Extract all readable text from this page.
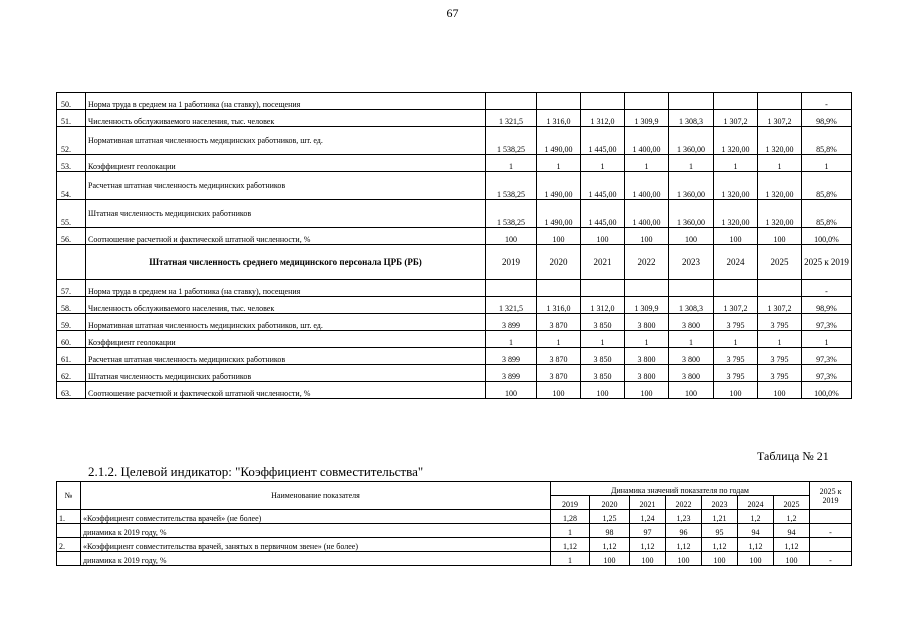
67
50.	Норма труда в среднем на 1 работника (на ставку), посещения								-
51.	Численность обслуживаемого населения, тыс. человек	1 321,5	1 316,0	1 312,0	1 309,9	1 308,3	1 307,2	1 307,2	98,9%
52.	Нормативная штатная численность медицинских работников, шт. ед.	1 538,25	1 490,00	1 445,00	1 400,00	1 360,00	1 320,00	1 320,00	85,8%
53.	Коэффициент геолокации	1	1	1	1	1	1	1	1
54.	Расчетная штатная численность медицинских работников	1 538,25	1 490,00	1 445,00	1 400,00	1 360,00	1 320,00	1 320,00	85,8%
55.	Штатная численность медицинских работников	1 538,25	1 490,00	1 445,00	1 400,00	1 360,00	1 320,00	1 320,00	85,8%
56.	Соотношение расчетной и фактической штатной численности, %	100	100	100	100	100	100	100	100,0%
	Штатная численность среднего медицинского персонала ЦРБ (РБ)	2019	2020	2021	2022	2023	2024	2025	2025 к 2019
57.	Норма труда в среднем на 1 работника (на ставку), посещения								-
58.	Численность обслуживаемого населения, тыс. человек	1 321,5	1 316,0	1 312,0	1 309,9	1 308,3	1 307,2	1 307,2	98,9%
59.	Нормативная штатная численность медицинских работников, шт. ед.	3 899	3 870	3 850	3 800	3 800	3 795	3 795	97,3%
60.	Коэффициент геолокации	1	1	1	1	1	1	1	1
61.	Расчетная штатная численность медицинских работников	3 899	3 870	3 850	3 800	3 800	3 795	3 795	97,3%
62.	Штатная численность медицинских работников	3 899	3 870	3 850	3 800	3 800	3 795	3 795	97,3%
63.	Соотношение расчетной и фактической штатной численности, %	100	100	100	100	100	100	100	100,0%
Таблица № 21
2.1.2. Целевой индикатор: "Коэффициент совместительства"
№	Наименование показателя	Динамика значений показателя по годам							2025 к 2019
		2019	2020	2021	2022	2023	2024	2025	
1.	«Коэффициент совместительства врачей» (не более)	1,28	1,25	1,24	1,23	1,21	1,2	1,2	
	динамика к 2019 году, %	1	98	97	96	95	94	94	-
2.	«Коэффициент совместительства врачей, занятых в первичном звене» (не более)	1,12	1,12	1,12	1,12	1,12	1,12	1,12	
	динамика к 2019 году, %	1	100	100	100	100	100	100	-
